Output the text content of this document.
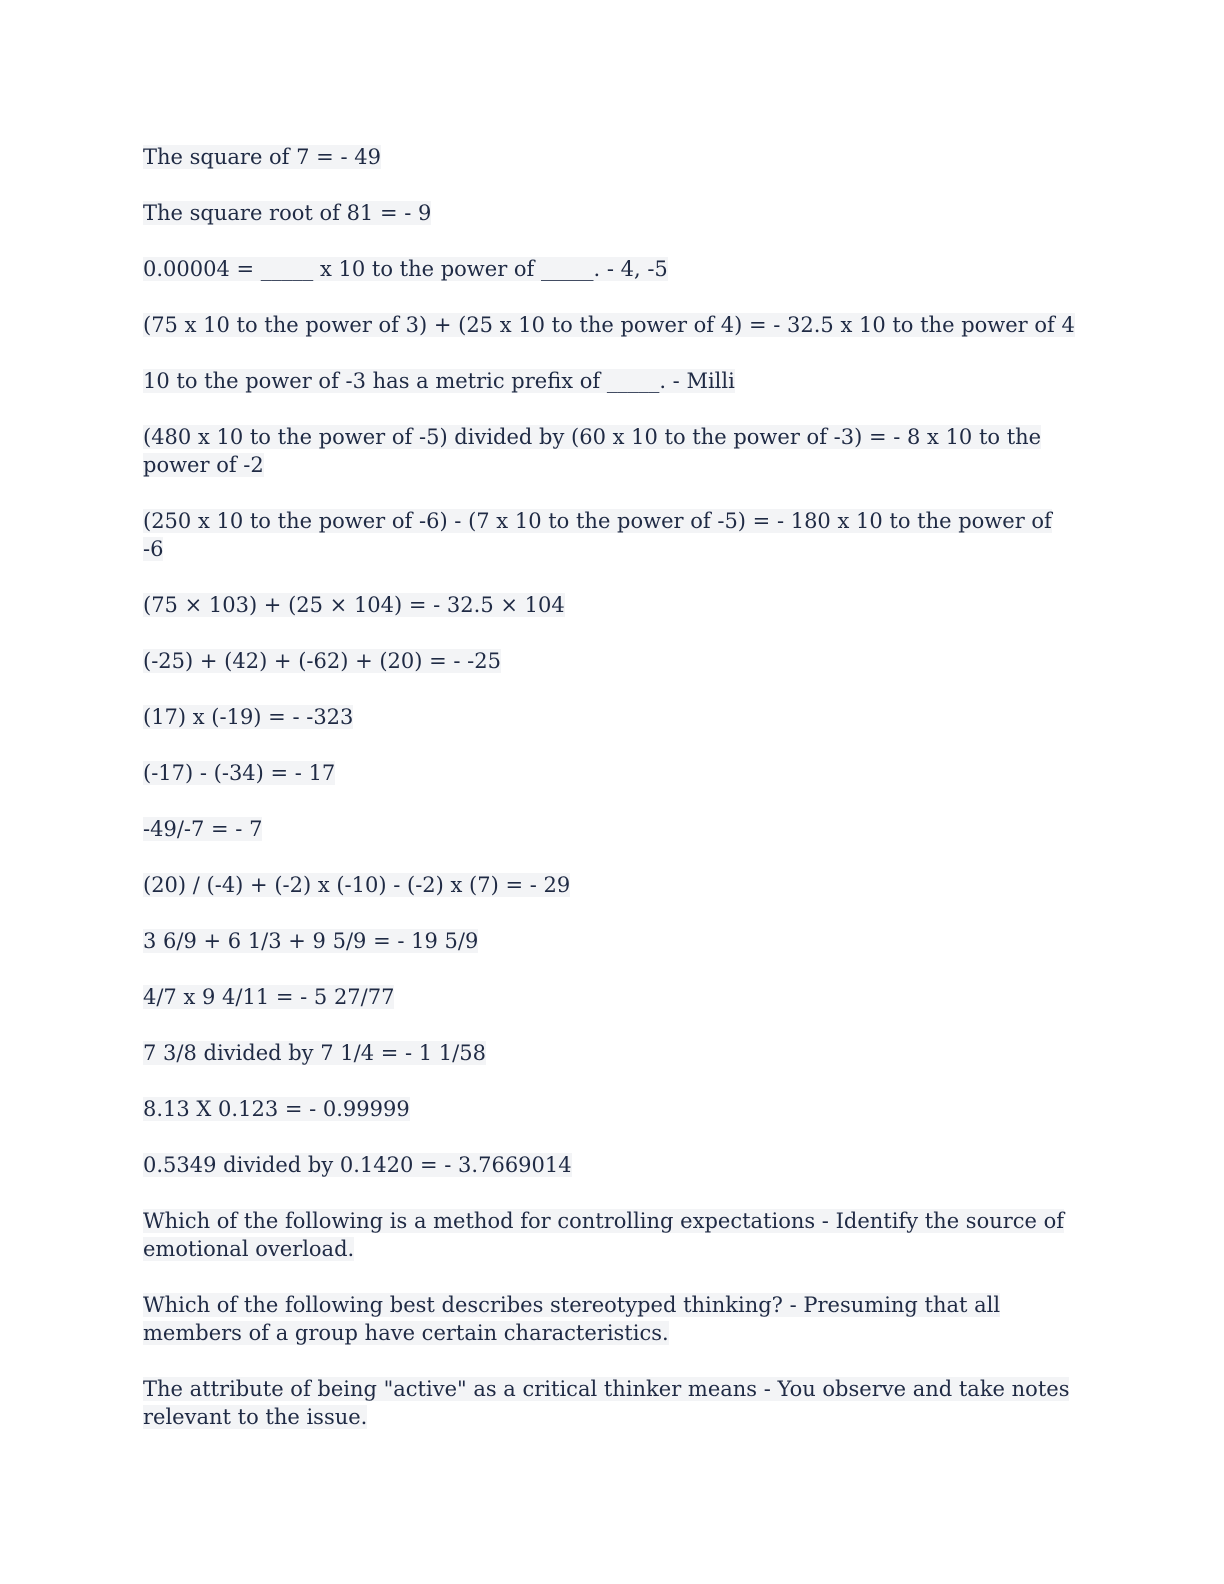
The square of 7 = - 49

The square root of 81 = - 9

0.00004 = _____ x 10 to the power of _____. - 4, -5

(75 x 10 to the power of 3) + (25 x 10 to the power of 4) = - 32.5 x 10 to the power of 4

10 to the power of -3 has a metric prefix of _____. - Milli

(480 x 10 to the power of -5) divided by (60 x 10 to the power of -3) = - 8 x 10 to the power of -2

(250 x 10 to the power of -6) - (7 x 10 to the power of -5) = - 180 x 10 to the power of -6

(75 × 103) + (25 × 104) = - 32.5 × 104

(-25) + (42) + (-62) + (20) = - -25

(17) x (-19) = - -323

(-17) - (-34) = - 17

-49/-7 = - 7

(20) / (-4) + (-2) x (-10) - (-2) x (7) = - 29

3 6/9 + 6 1/3 + 9 5/9 = - 19 5/9

4/7 x 9 4/11 = - 5 27/77

7 3/8 divided by 7 1/4 = - 1 1/58

8.13 X 0.123 = - 0.99999

0.5349 divided by 0.1420 = - 3.7669014

Which of the following is a method for controlling expectations - Identify the source of emotional overload.

Which of the following best describes stereotyped thinking? - Presuming that all members of a group have certain characteristics.

The attribute of being "active" as a critical thinker means - You observe and take notes relevant to the issue.
